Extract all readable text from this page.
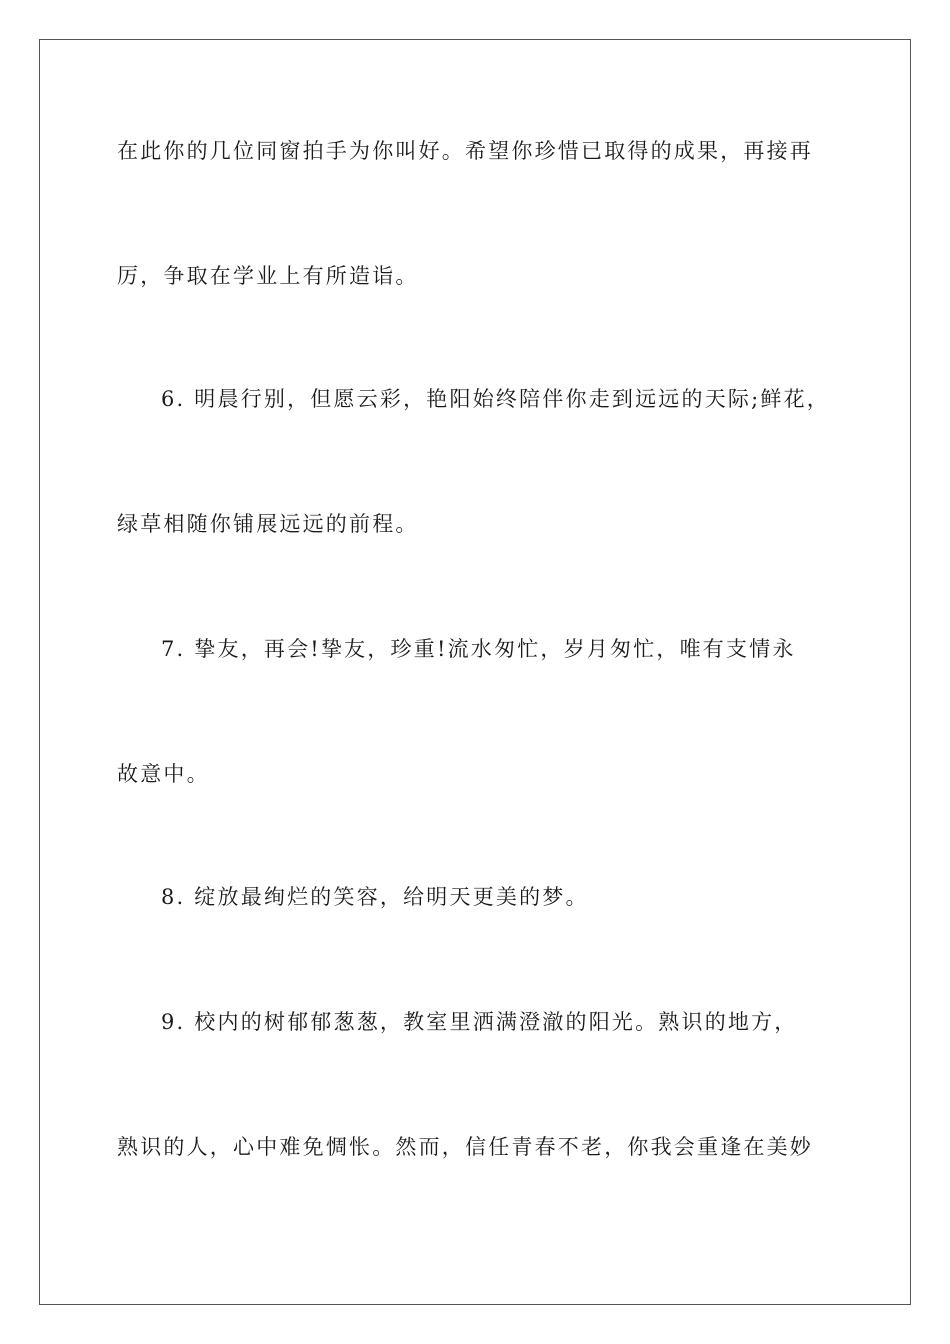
在此你的几位同窗拍手为你叫好。希望你珍惜已取得的成果，再接再
厉，争取在学业上有所造诣。
6. 明晨行别，但愿云彩，艳阳始终陪伴你走到远远的天际;鲜花，
绿草相随你铺展远远的前程。
7. 挚友，再会!挚友，珍重!流水匆忙，岁月匆忙，唯有支情永
故意中。
8. 绽放最绚烂的笑容，给明天更美的梦。
9. 校内的树郁郁葱葱，教室里洒满澄澈的阳光。熟识的地方，
熟识的人，心中难免惆怅。然而，信任青春不老，你我会重逢在美妙
